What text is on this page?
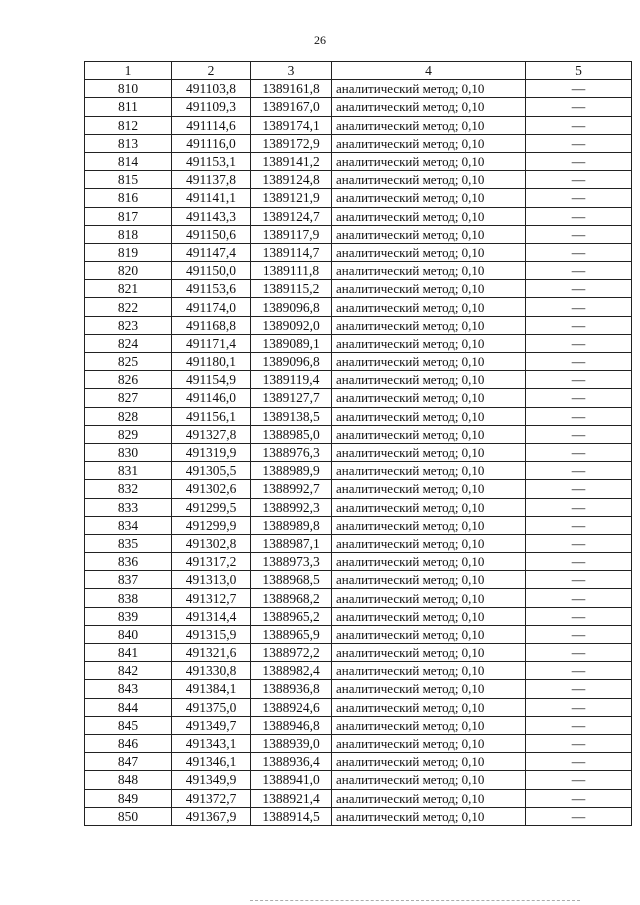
26
1	2	3	4	5
810	491103,8	1389161,8	аналитический метод; 0,10	—
811	491109,3	1389167,0	аналитический метод; 0,10	—
812	491114,6	1389174,1	аналитический метод; 0,10	—
813	491116,0	1389172,9	аналитический метод; 0,10	—
814	491153,1	1389141,2	аналитический метод; 0,10	—
815	491137,8	1389124,8	аналитический метод; 0,10	—
816	491141,1	1389121,9	аналитический метод; 0,10	—
817	491143,3	1389124,7	аналитический метод; 0,10	—
818	491150,6	1389117,9	аналитический метод; 0,10	—
819	491147,4	1389114,7	аналитический метод; 0,10	—
820	491150,0	1389111,8	аналитический метод; 0,10	—
821	491153,6	1389115,2	аналитический метод; 0,10	—
822	491174,0	1389096,8	аналитический метод; 0,10	—
823	491168,8	1389092,0	аналитический метод; 0,10	—
824	491171,4	1389089,1	аналитический метод; 0,10	—
825	491180,1	1389096,8	аналитический метод; 0,10	—
826	491154,9	1389119,4	аналитический метод; 0,10	—
827	491146,0	1389127,7	аналитический метод; 0,10	—
828	491156,1	1389138,5	аналитический метод; 0,10	—
829	491327,8	1388985,0	аналитический метод; 0,10	—
830	491319,9	1388976,3	аналитический метод; 0,10	—
831	491305,5	1388989,9	аналитический метод; 0,10	—
832	491302,6	1388992,7	аналитический метод; 0,10	—
833	491299,5	1388992,3	аналитический метод; 0,10	—
834	491299,9	1388989,8	аналитический метод; 0,10	—
835	491302,8	1388987,1	аналитический метод; 0,10	—
836	491317,2	1388973,3	аналитический метод; 0,10	—
837	491313,0	1388968,5	аналитический метод; 0,10	—
838	491312,7	1388968,2	аналитический метод; 0,10	—
839	491314,4	1388965,2	аналитический метод; 0,10	—
840	491315,9	1388965,9	аналитический метод; 0,10	—
841	491321,6	1388972,2	аналитический метод; 0,10	—
842	491330,8	1388982,4	аналитический метод; 0,10	—
843	491384,1	1388936,8	аналитический метод; 0,10	—
844	491375,0	1388924,6	аналитический метод; 0,10	—
845	491349,7	1388946,8	аналитический метод; 0,10	—
846	491343,1	1388939,0	аналитический метод; 0,10	—
847	491346,1	1388936,4	аналитический метод; 0,10	—
848	491349,9	1388941,0	аналитический метод; 0,10	—
849	491372,7	1388921,4	аналитический метод; 0,10	—
850	491367,9	1388914,5	аналитический метод; 0,10	—
